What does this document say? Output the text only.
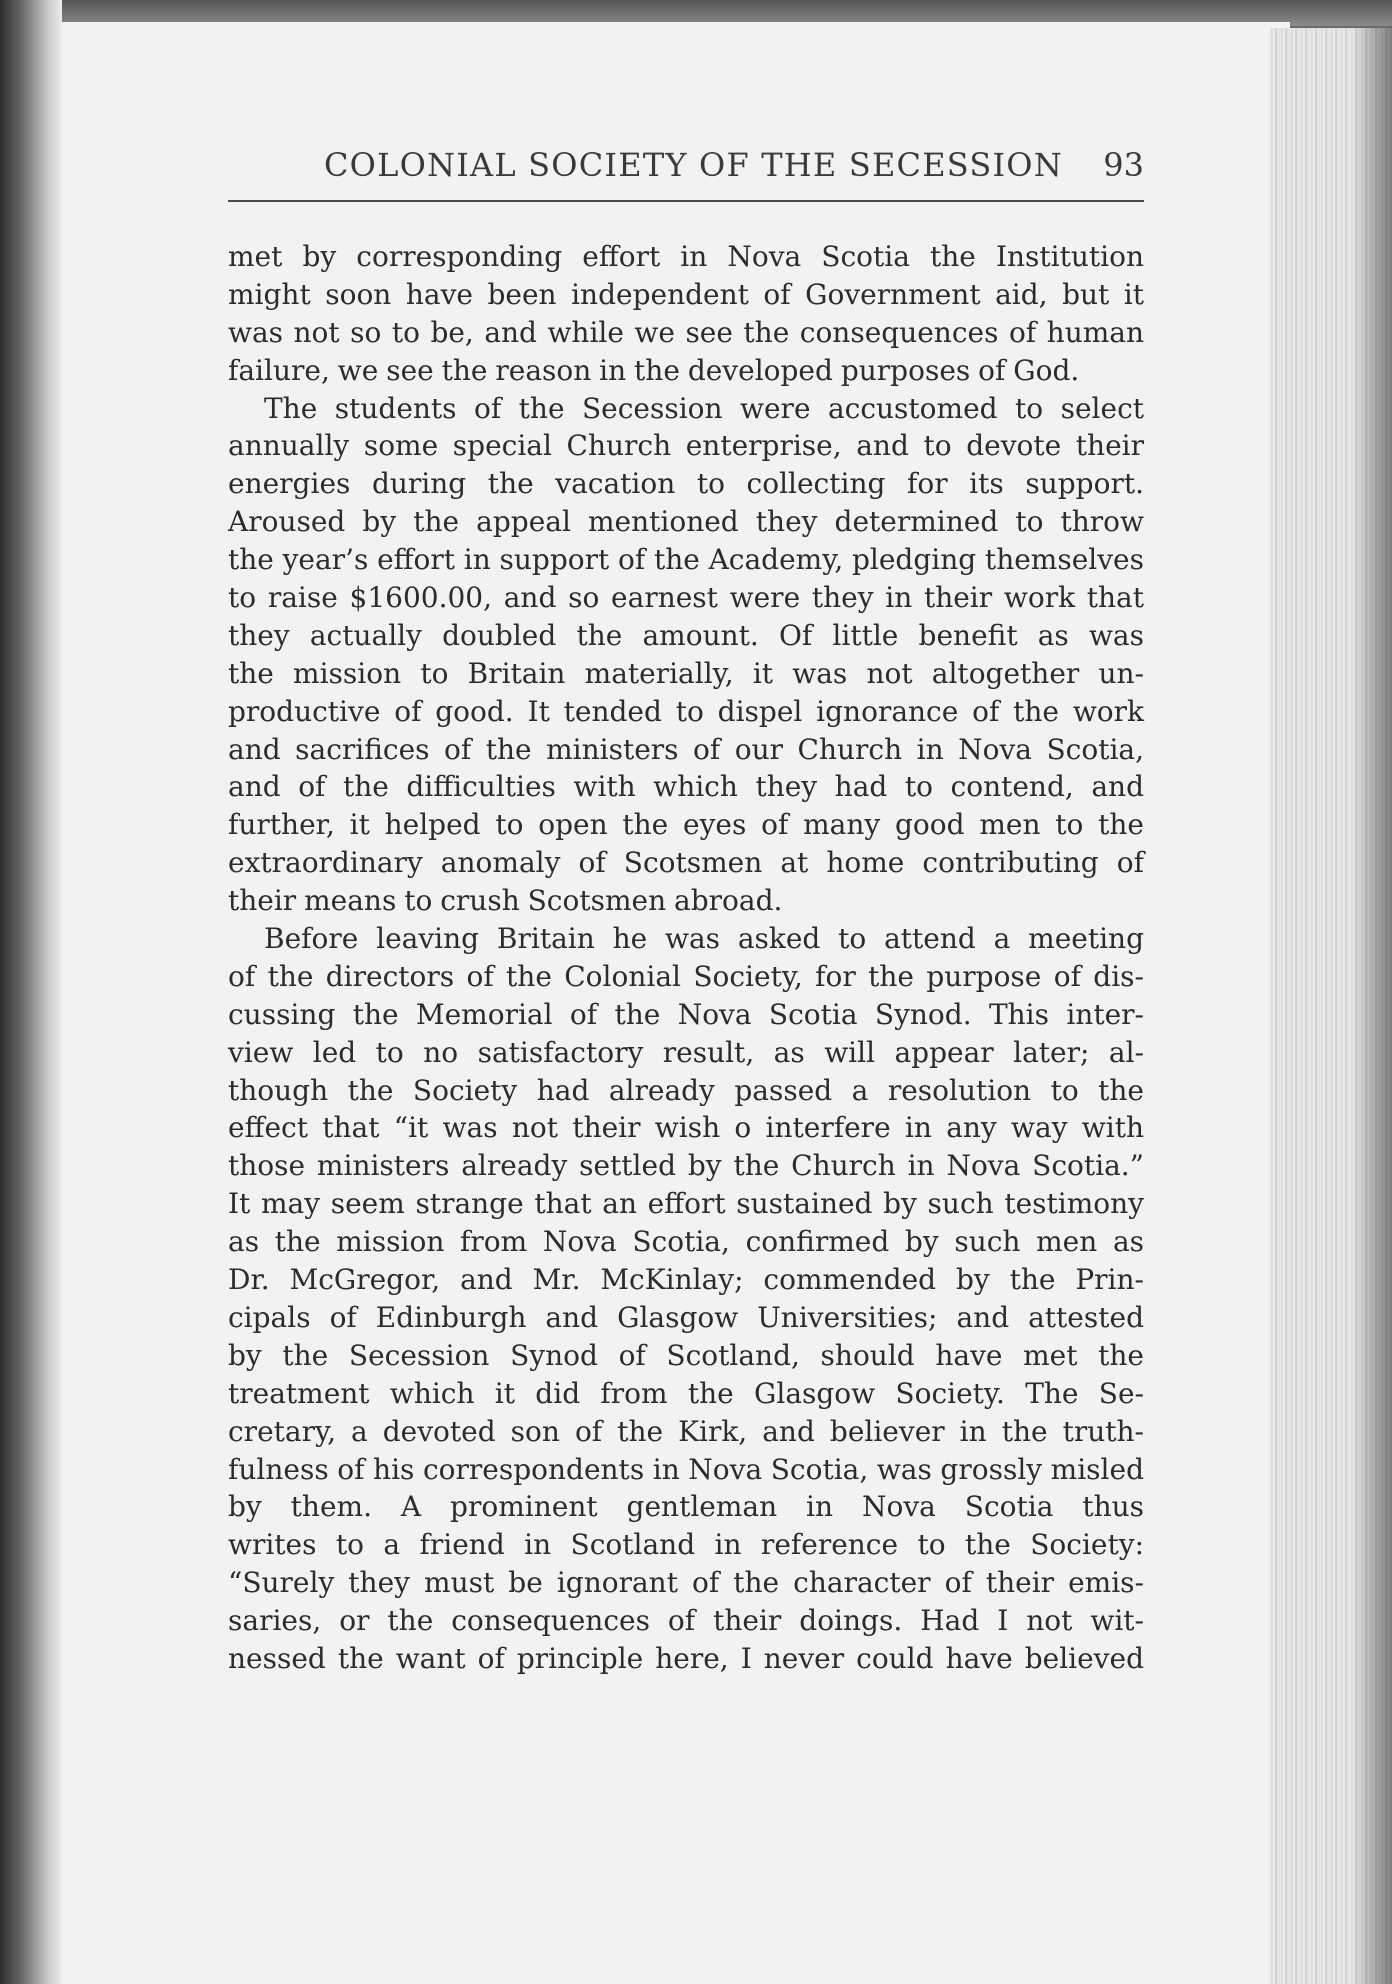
COLONIAL SOCIETY OF THE SECESSION 93
met by corresponding effort in Nova Scotia the Institution
might soon have been independent of Government aid, but it
was not so to be, and while we see the consequences of human
failure, we see the reason in the developed purposes of God.
The students of the Secession were accustomed to select
annually some special Church enterprise, and to devote their
energies during the vacation to collecting for its support.
Aroused by the appeal mentioned they determined to throw
the year’s effort in support of the Academy, pledging themselves
to raise $1600.00, and so earnest were they in their work that
they actually doubled the amount. Of little benefit as was
the mission to Britain materially, it was not altogether un-
productive of good. It tended to dispel ignorance of the work
and sacrifices of the ministers of our Church in Nova Scotia,
and of the difficulties with which they had to contend, and
further, it helped to open the eyes of many good men to the
extraordinary anomaly of Scotsmen at home contributing of
their means to crush Scotsmen abroad.
Before leaving Britain he was asked to attend a meeting
of the directors of the Colonial Society, for the purpose of dis-
cussing the Memorial of the Nova Scotia Synod. This inter-
view led to no satisfactory result, as will appear later; al-
though the Society had already passed a resolution to the
effect that “it was not their wish o interfere in any way with
those ministers already settled by the Church in Nova Scotia.”
It may seem strange that an effort sustained by such testimony
as the mission from Nova Scotia, confirmed by such men as
Dr. McGregor, and Mr. McKinlay; commended by the Prin-
cipals of Edinburgh and Glasgow Universities; and attested
by the Secession Synod of Scotland, should have met the
treatment which it did from the Glasgow Society. The Se-
cretary, a devoted son of the Kirk, and believer in the truth-
fulness of his correspondents in Nova Scotia, was grossly misled
by them. A prominent gentleman in Nova Scotia thus
writes to a friend in Scotland in reference to the Society:
“Surely they must be ignorant of the character of their emis-
saries, or the consequences of their doings. Had I not wit-
nessed the want of principle here, I never could have believed
